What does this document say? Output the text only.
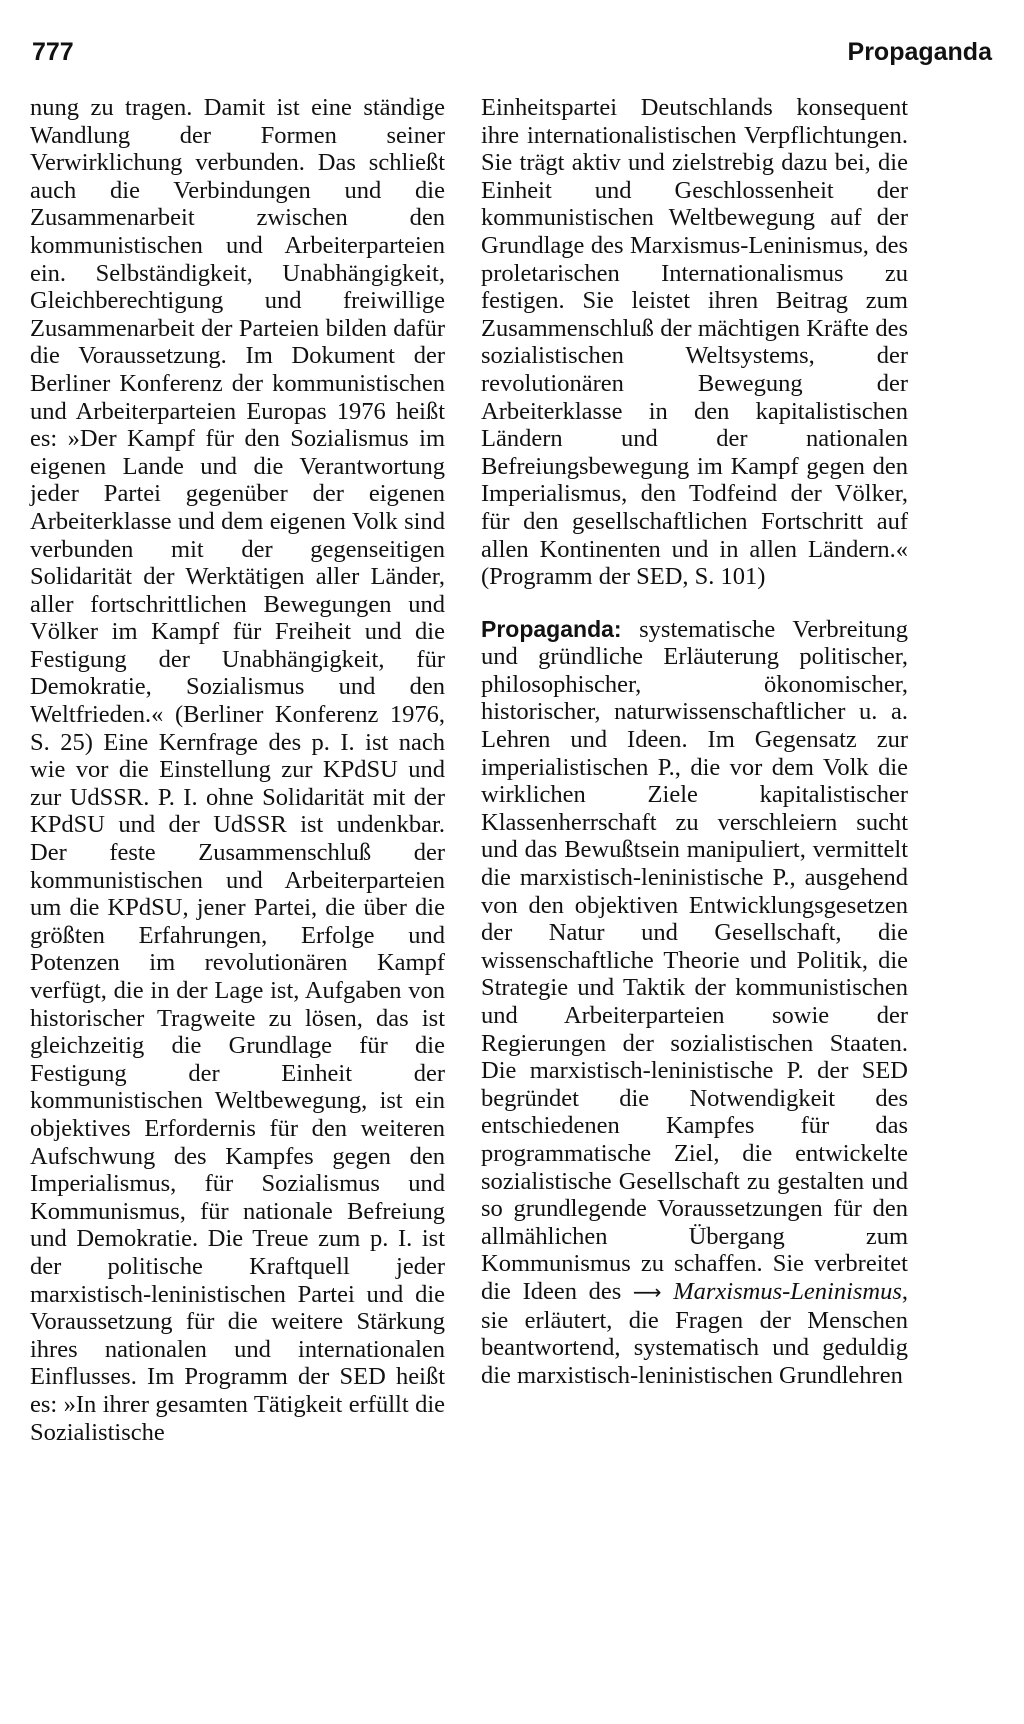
777	Propaganda

nung zu tragen. Damit ist eine ständige Wandlung der Formen seiner Verwirklichung verbunden. Das schließt auch die Verbindungen und die Zusammenarbeit zwischen den kommunistischen und Arbeiterparteien ein. Selbständigkeit, Unabhängigkeit, Gleichberechtigung und freiwillige Zusammenarbeit der Parteien bilden dafür die Voraussetzung. Im Dokument der Berliner Konferenz der kommunistischen und Arbeiterparteien Europas 1976 heißt es: »Der Kampf für den Sozialismus im eigenen Lande und die Verantwortung jeder Partei gegenüber der eigenen Arbeiterklasse und dem eigenen Volk sind verbunden mit der gegenseitigen Solidarität der Werktätigen aller Länder, aller fortschrittlichen Bewegungen und Völker im Kampf für Freiheit und die Festigung der Unabhängigkeit, für Demokratie, Sozialismus und den Weltfrieden.« (Berliner Konferenz 1976, S. 25) Eine Kernfrage des p. I. ist nach wie vor die Einstellung zur KPdSU und zur UdSSR. P. I. ohne Solidarität mit der KPdSU und der UdSSR ist undenkbar. Der feste Zusammenschluß der kommunistischen und Arbeiterparteien um die KPdSU, jener Partei, die über die größten Erfahrungen, Erfolge und Potenzen im revolutionären Kampf verfügt, die in der Lage ist, Aufgaben von historischer Tragweite zu lösen, das ist gleichzeitig die Grundlage für die Festigung der Einheit der kommunistischen Weltbewegung, ist ein objektives Erfordernis für den weiteren Aufschwung des Kampfes gegen den Imperialismus, für Sozialismus und Kommunismus, für nationale Befreiung und Demokratie. Die Treue zum p. I. ist der politische Kraftquell jeder marxistisch-leninistischen Partei und die Voraussetzung für die weitere Stärkung ihres nationalen und internationalen Einflusses. Im Programm der SED heißt es: »In ihrer gesamten Tätigkeit erfüllt die Sozialistische

Einheitspartei Deutschlands konsequent ihre internationalistischen Verpflichtungen. Sie trägt aktiv und zielstrebig dazu bei, die Einheit und Geschlossenheit der kommunistischen Weltbewegung auf der Grundlage des Marxismus-Leninismus, des proletarischen Internationalismus zu festigen. Sie leistet ihren Beitrag zum Zusammenschluß der mächtigen Kräfte des sozialistischen Weltsystems, der revolutionären Bewegung der Arbeiterklasse in den kapitalistischen Ländern und der nationalen Befreiungsbewegung im Kampf gegen den Imperialismus, den Todfeind der Völker, für den gesellschaftlichen Fortschritt auf allen Kontinenten und in allen Ländern.« (Programm der SED, S. 101)

Propaganda: systematische Verbreitung und gründliche Erläuterung politischer, philosophischer, ökonomischer, historischer, naturwissenschaftlicher u. a. Lehren und Ideen. Im Gegensatz zur imperialistischen P., die vor dem Volk die wirklichen Ziele kapitalistischer Klassenherrschaft zu verschleiern sucht und das Bewußtsein manipuliert, vermittelt die marxistisch-leninistische P., ausgehend von den objektiven Entwicklungsgesetzen der Natur und Gesellschaft, die wissenschaftliche Theorie und Politik, die Strategie und Taktik der kommunistischen und Arbeiterparteien sowie der Regierungen der sozialistischen Staaten. Die marxistisch-leninistische P. der SED begründet die Notwendigkeit des entschiedenen Kampfes für das programmatische Ziel, die entwickelte sozialistische Gesellschaft zu gestalten und so grundlegende Voraussetzungen für den allmählichen Übergang zum Kommunismus zu schaffen. Sie verbreitet die Ideen des ⟶ Marxismus-Leninismus, sie erläutert, die Fragen der Menschen beantwortend, systematisch und geduldig die marxistisch-leninistischen Grundlehren
